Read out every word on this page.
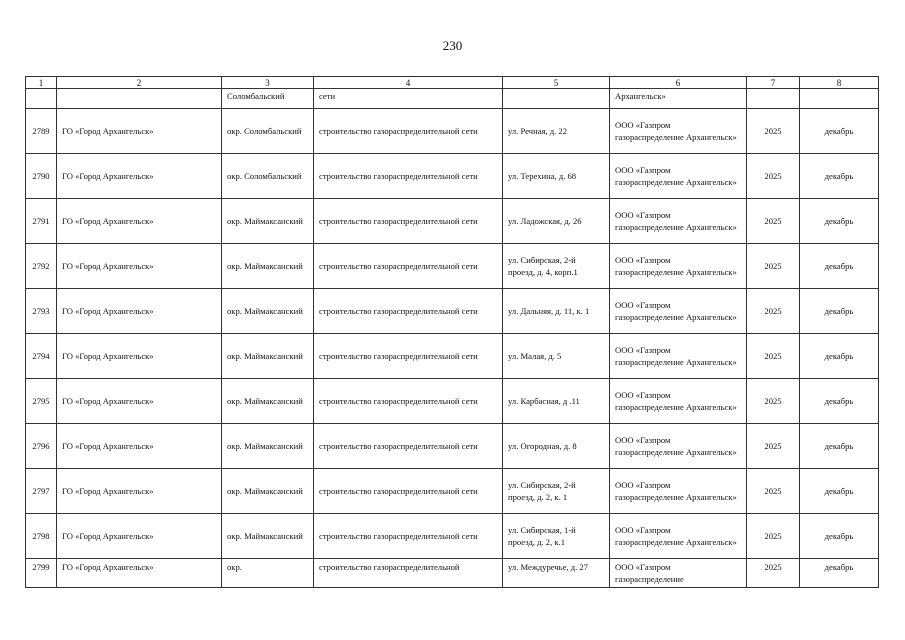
230
1	2	3	4	5	6	7	8
		Соломбальский	сети		Архангельск»		
2789	ГО «Город Архангельск»	окр. Соломбальский	строительство газораспределительной сети	ул. Речная, д. 22	ООО «Газпром газораспределение Архангельск»	2025	декабрь
2790	ГО «Город Архангельск»	окр. Соломбальский	строительство газораспределительной сети	ул. Терехина, д. 68	ООО «Газпром газораспределение Архангельск»	2025	декабрь
2791	ГО «Город Архангельск»	окр. Маймаксанский	строительство газораспределительной сети	ул. Ладожская, д. 26	ООО «Газпром газораспределение Архангельск»	2025	декабрь
2792	ГО «Город Архангельск»	окр. Маймаксанский	строительство газораспределительной сети	ул. Сибирская, 2-й проезд, д. 4, корп.1	ООО «Газпром газораспределение Архангельск»	2025	декабрь
2793	ГО «Город Архангельск»	окр. Маймаксанский	строительство газораспределительной сети	ул. Дальняя, д. 11, к. 1	ООО «Газпром газораспределение Архангельск»	2025	декабрь
2794	ГО «Город Архангельск»	окр. Маймаксанский	строительство газораспределительной сети	ул. Малая, д. 5	ООО «Газпром газораспределение Архангельск»	2025	декабрь
2795	ГО «Город Архангельск»	окр. Маймаксанский	строительство газораспределительной сети	ул. Карбасная, д .11	ООО «Газпром газораспределение Архангельск»	2025	декабрь
2796	ГО «Город Архангельск»	окр. Маймаксанский	строительство газораспределительной сети	ул. Огородная, д. 8	ООО «Газпром газораспределение Архангельск»	2025	декабрь
2797	ГО «Город Архангельск»	окр. Маймаксанский	строительство газораспределительной сети	ул. Сибирская, 2-й проезд, д. 2, к. 1	ООО «Газпром газораспределение Архангельск»	2025	декабрь
2798	ГО «Город Архангельск»	окр. Маймаксанский	строительство газораспределительной сети	ул. Сибирская, 1-й проезд, д. 2, к.1	ООО «Газпром газораспределение Архангельск»	2025	декабрь
2799	ГО «Город Архангельск»	окр.	строительство газораспределительной	ул. Междуречье, д. 27	ООО «Газпром газораспределение	2025	декабрь
